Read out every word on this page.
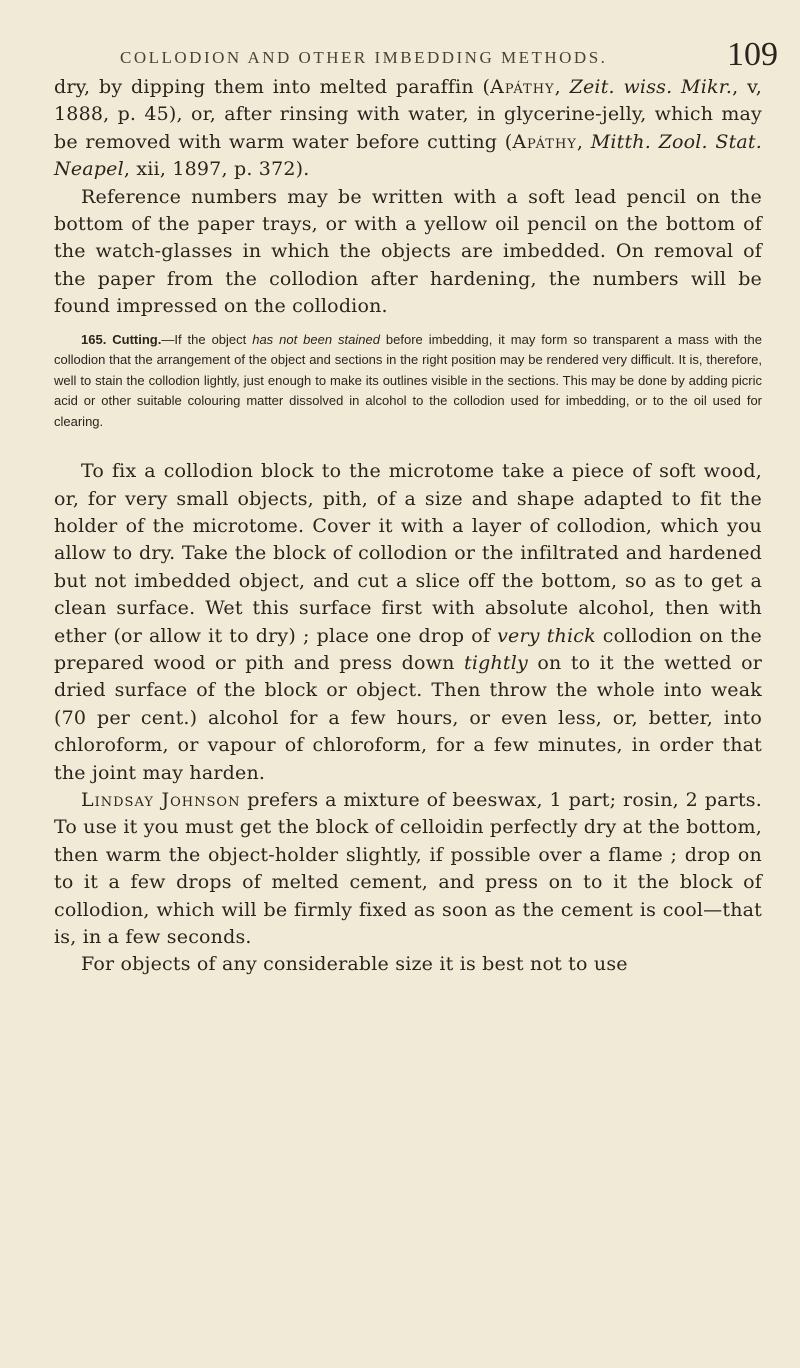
COLLODION AND OTHER IMBEDDING METHODS.	109

dry, by dipping them into melted paraffin (Apáthy, Zeit. wiss. Mikr., v, 1888, p. 45), or, after rinsing with water, in glycerine-jelly, which may be removed with warm water before cutting (Apáthy, Mitth. Zool. Stat. Neapel, xii, 1897, p. 372).

Reference numbers may be written with a soft lead pencil on the bottom of the paper trays, or with a yellow oil pencil on the bottom of the watch-glasses in which the objects are imbedded. On removal of the paper from the collodion after hardening, the numbers will be found impressed on the collodion.

165. Cutting.—If the object has not been stained before imbedding, it may form so transparent a mass with the collodion that the arrangement of the object and sections in the right position may be rendered very difficult. It is, therefore, well to stain the collodion lightly, just enough to make its outlines visible in the sections. This may be done by adding picric acid or other suitable colouring matter dissolved in alcohol to the collodion used for imbedding, or to the oil used for clearing.

To fix a collodion block to the microtome take a piece of soft wood, or, for very small objects, pith, of a size and shape adapted to fit the holder of the microtome. Cover it with a layer of collodion, which you allow to dry. Take the block of collodion or the infiltrated and hardened but not imbedded object, and cut a slice off the bottom, so as to get a clean surface. Wet this surface first with absolute alcohol, then with ether (or allow it to dry) ; place one drop of very thick collodion on the prepared wood or pith and press down tightly on to it the wetted or dried surface of the block or object. Then throw the whole into weak (70 per cent.) alcohol for a few hours, or even less, or, better, into chloroform, or vapour of chloroform, for a few minutes, in order that the joint may harden.

Lindsay Johnson prefers a mixture of beeswax, 1 part; rosin, 2 parts. To use it you must get the block of celloidin perfectly dry at the bottom, then warm the object-holder slightly, if possible over a flame ; drop on to it a few drops of melted cement, and press on to it the block of collodion, which will be firmly fixed as soon as the cement is cool—that is, in a few seconds.

For objects of any considerable size it is best not to use
